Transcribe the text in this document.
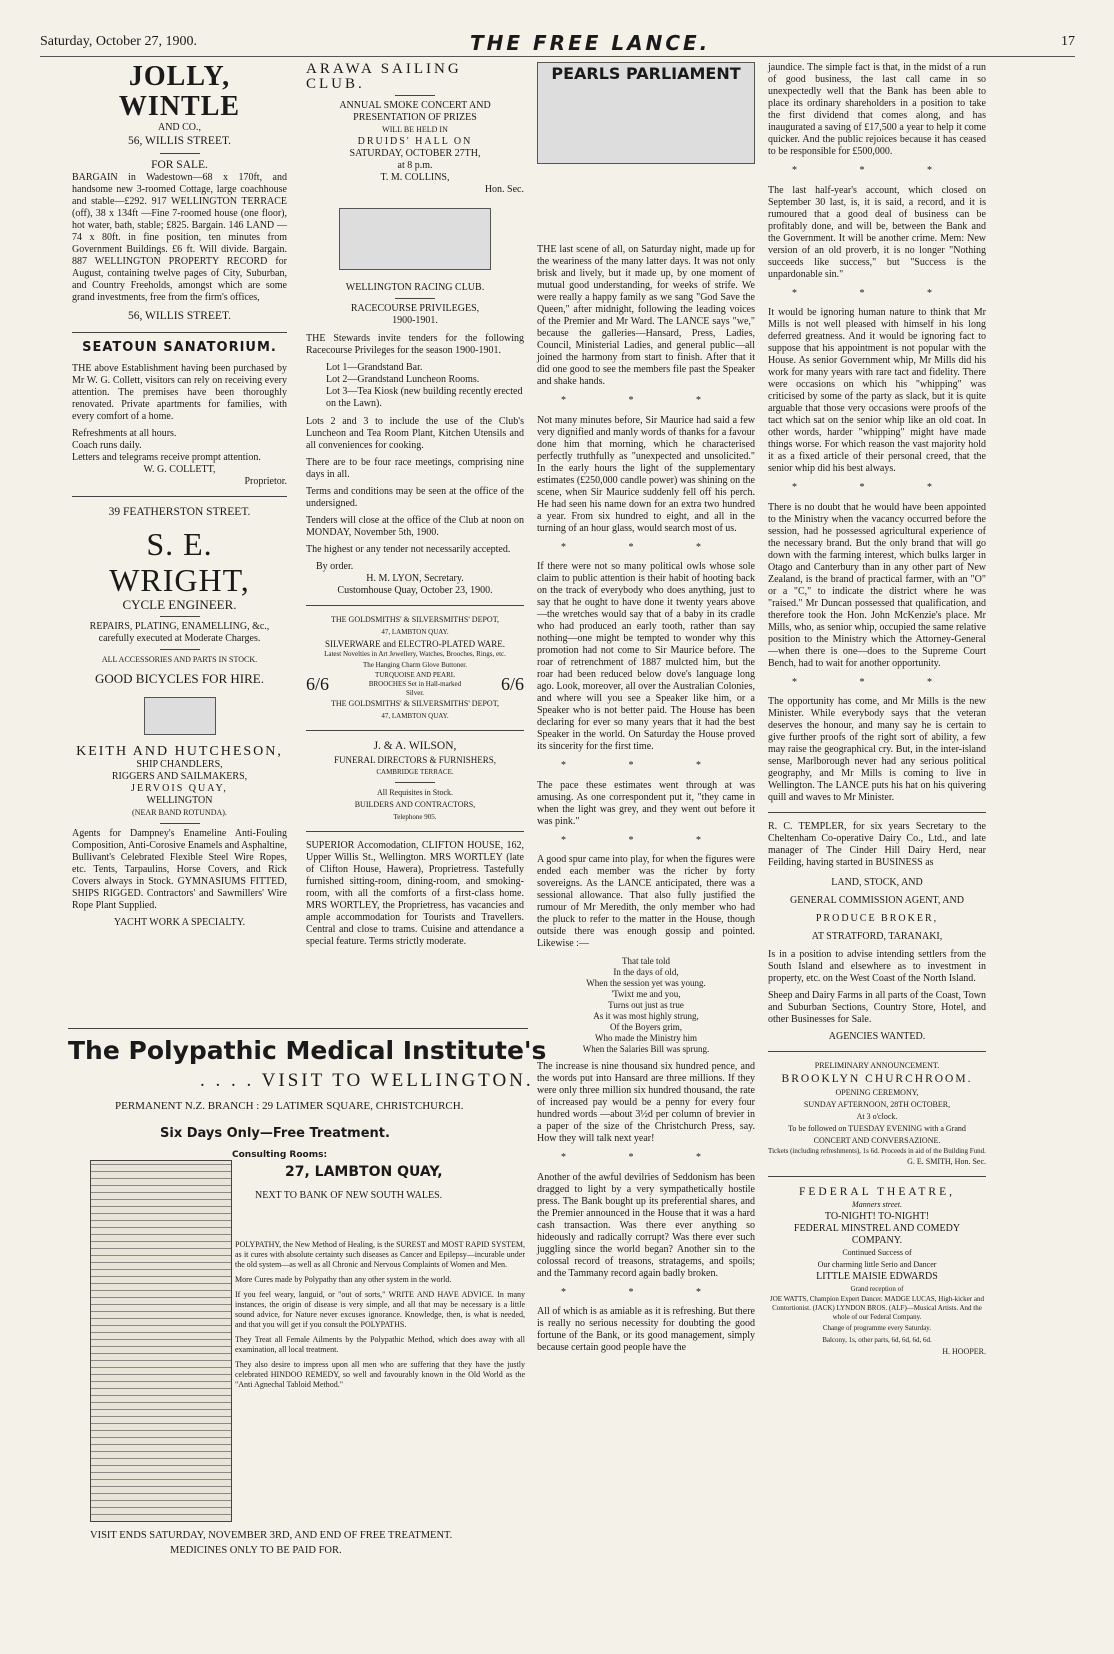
Saturday, October 27, 1900.	THE FREE LANCE.	17
JOLLY, WINTLE
AND CO.,
56, WILLIS STREET.
FOR SALE.

BARGAIN in Wadestown—68 x 170ft, and handsome new 3-roomed Cottage, large coachhouse and stable—£292. 917 WELLINGTON TERRACE (off), 38 x 134ft —Fine 7-roomed house (one floor), hot water, bath, stable; £825. Bargain. 146 LAND —74 x 80ft. in fine position, ten minutes from Government Buildings. £6 ft. Will divide. Bargain. 887 WELLINGTON PROPERTY RECORD for August, containing twelve pages of City, Suburban, and Country Freeholds, amongst which are some grand investments, free from the firm's offices,

56, WILLIS STREET.
SEATOUN SANATORIUM.

THE above Establishment having been purchased by Mr W. G. Collett, visitors can rely on receiving every attention. The premises have been thoroughly renovated. Private apartments for families, with every comfort of a home.

Refreshments at all hours.
Coach runs daily.
Letters and telegrams receive prompt attention.
W. G. COLLETT,
Proprietor.
39 FEATHERSTON STREET.
S. E. WRIGHT,
CYCLE ENGINEER.
REPAIRS, PLATING, ENAMELLING, &c., carefully executed at Moderate Charges.
ALL ACCESSORIES AND PARTS IN STOCK.
GOOD BICYCLES FOR HIRE.
KEITH AND HUTCHESON,
SHIP CHANDLERS,
RIGGERS AND SAILMAKERS,
JERVOIS QUAY,
WELLINGTON
(NEAR BAND ROTUNDA).

Agents for Dampney's Enameline Anti-Fouling Composition, Anti-Corosive Enamels and Asphaltine, Bullivant's Celebrated Flexible Steel Wire Ropes, etc. Tents, Tarpaulins, Horse Covers, and Rick Covers always in Stock. GYMNASIUMS FITTED, SHIPS RIGGED. Contractors' and Sawmillers' Wire Rope Plant Supplied.

YACHT WORK A SPECIALTY.
ARAWA SAILING CLUB.
ANNUAL SMOKE CONCERT AND PRESENTATION OF PRIZES
WILL BE HELD IN
DRUIDS' HALL ON
SATURDAY, OCTOBER 27TH,
at 8 p.m.
T. M. COLLINS,
Hon. Sec.
WELLINGTON RACING CLUB.
RACECOURSE PRIVILEGES,
1900-1901.

THE Stewards invite tenders for the following Racecourse Privileges for the season 1900-1901.

Lot 1—Grandstand Bar.
Lot 2—Grandstand Luncheon Rooms.
Lot 3—Tea Kiosk (new building recently erected on the Lawn).

Lots 2 and 3 to include the use of the Club's Luncheon and Tea Room Plant, Kitchen Utensils and all conveniences for cooking.

There are to be four race meetings, comprising nine days in all.

Terms and conditions may be seen at the office of the undersigned.

Tenders will close at the office of the Club at noon on MONDAY, November 5th, 1900.

The highest or any tender not necessarily accepted.

By order.
H. M. LYON, Secretary.
Customhouse Quay, October 23, 1900.
THE GOLDSMITHS' & SILVERSMITHS' DEPOT,
47, LAMBTON QUAY.
SILVERWARE and ELECTRO-PLATED WARE.
Latest Novelties in Art Jewellery, Watches, Brooches, Rings, etc.
The Hanging Charm Glove Buttoner.
6/6	TURQUOISE AND PEARL BROOCHES Set in Hall-marked Silver.	6/6
THE GOLDSMITHS' & SILVERSMITHS' DEPOT,
47, LAMBTON QUAY.
J. & A. WILSON,
FUNERAL DIRECTORS & FURNISHERS,
CAMBRIDGE TERRACE.
All Requisites in Stock.
BUILDERS AND CONTRACTORS,
Telephone 905.

SUPERIOR Accomodation, CLIFTON HOUSE, 162, Upper Willis St., Wellington. MRS WORTLEY (late of Clifton House, Hawera), Proprietress. Tastefully furnished sitting-room, dining-room, and smoking-room, with all the comforts of a first-class home. MRS WORTLEY, the Proprietress, has vacancies and ample accommodation for Tourists and Travellers. Central and close to trams. Cuisine and attendance a special feature. Terms strictly moderate.

PEARLS PARLIAMENT

THE last scene of all, on Saturday night, made up for the weariness of the many latter days. It was not only brisk and lively, but it made up, by one moment of mutual good understanding, for weeks of strife. We were really a happy family as we sang "God Save the Queen," after midnight, following the leading voices of the Premier and Mr Ward. The LANCE says "we," because the galleries—Hansard, Press, Ladies, Council, Ministerial Ladies, and general public—all joined the harmony from start to finish. After that it did one good to see the members file past the Speaker and shake hands.

* * *

Not many minutes before, Sir Maurice had said a few very dignified and manly words of thanks for a favour done him that morning, which he characterised perfectly truthfully as "unexpected and unsolicited." In the early hours the light of the supplementary estimates (£250,000 candle power) was shining on the scene, when Sir Maurice suddenly fell off his perch. He had seen his name down for an extra two hundred a year. From six hundred to eight, and all in the turning of an hour glass, would search most of us.

* * *

If there were not so many political owls whose sole claim to public attention is their habit of hooting back on the track of everybody who does anything, just to say that he ought to have done it twenty years above—the wretches would say that of a baby in its cradle who had produced an early tooth, rather than say nothing—one might be tempted to wonder why this promotion had not come to Sir Maurice before. The roar of retrenchment of 1887 mulcted him, but the roar had been reduced below dove's language long ago. Look, moreover, all over the Australian Colonies, and where will you see a Speaker like him, or a Speaker who is not better paid. The House has been declaring for ever so many years that it had the best Speaker in the world. On Saturday the House proved its sincerity for the first time.

* * *

The pace these estimates went through at was amusing. As one correspondent put it, "they came in when the light was grey, and they went out before it was pink."

* * *

A good spur came into play, for when the figures were ended each member was the richer by forty sovereigns. As the LANCE anticipated, there was a sessional allowance. That also fully justified the rumour of Mr Meredith, the only member who had the pluck to refer to the matter in the House, though outside there was enough gossip and pointed. Likewise :—

That tale told
In the days of old,
When the session yet was young.
'Twixt me and you,
Turns out just as true
As it was most highly strung,
Of the Boyers grim,
Who made the Ministry him
When the Salaries Bill was sprung.

The increase is nine thousand six hundred pence, and the words put into Hansard are three millions. If they were only three million six hundred thousand, the rate of increased pay would be a penny for every four hundred words —about 3½d per column of brevier in a paper of the size of the Christchurch Press, say. How they will talk next year!

* * *

Another of the awful devilries of Seddonism has been dragged to light by a very sympathetically hostile press. The Bank bought up its preferential shares, and the Premier announced in the House that it was a hard cash transaction. Was there ever anything so hideously and radically corrupt? Was there ever such juggling since the world began? Another sin to the colossal record of treasons, stratagems, and spoils; and the Tammany record again badly broken.

* * *

All of which is as amiable as it is refreshing. But there is really no serious necessity for doubting the good fortune of the Bank, or its good management, simply because certain good people have the

jaundice. The simple fact is that, in the midst of a run of good business, the last call came in so unexpectedly well that the Bank has been able to place its ordinary shareholders in a position to take the first dividend that comes along, and has inaugurated a saving of £17,500 a year to help it come quicker. And the public rejoices because it has ceased to be responsible for £500,000.

* * *

The last half-year's account, which closed on September 30 last, is, it is said, a record, and it is rumoured that a good deal of business can be profitably done, and will be, between the Bank and the Government. It will be another crime. Mem: New version of an old proverb, it is no longer "Nothing succeeds like success," but "Success is the unpardonable sin."

* * *

It would be ignoring human nature to think that Mr Mills is not well pleased with himself in his long deferred greatness. And it would be ignoring fact to suppose that his appointment is not popular with the House. As senior Government whip, Mr Mills did his work for many years with rare tact and fidelity. There were occasions on which his "whipping" was criticised by some of the party as slack, but it is quite arguable that those very occasions were proofs of the tact which sat on the senior whip like an old coat. In other words, harder "whipping" might have made things worse. For which reason the vast majority hold it as a fixed article of their personal creed, that the senior whip did his best always.

* * *

There is no doubt that he would have been appointed to the Ministry when the vacancy occurred before the session, had he possessed agricultural experience of the necessary brand. But the only brand that will go down with the farming interest, which bulks larger in Otago and Canterbury than in any other part of New Zealand, is the brand of practical farmer, with an "O" or a "C," to indicate the district where he was "raised." Mr Duncan possessed that qualification, and therefore took the Hon. John McKenzie's place. Mr Mills, who, as senior whip, occupied the same relative position to the Ministry which the Attorney-General—when there is one—does to the Supreme Court Bench, had to wait for another opportunity.

* * *

The opportunity has come, and Mr Mills is the new Minister. While everybody says that the veteran deserves the honour, and many say he is certain to give further proofs of the right sort of ability, a few may raise the geographical cry. But, in the inter-island sense, Marlborough never had any serious political geography, and Mr Mills is coming to live in Wellington. The LANCE puts his hat on his quivering quill and waves to Mr Minister.

R. C. TEMPLER, for six years Secretary to the Cheltenham Co-operative Dairy Co., Ltd., and late manager of The Cinder Hill Dairy Herd, near Feilding, having started in BUSINESS as

LAND, STOCK, AND
GENERAL COMMISSION AGENT, AND
PRODUCE BROKER,
AT STRATFORD, TARANAKI,

Is in a position to advise intending settlers from the South Island and elsewhere as to investment in property, etc. on the West Coast of the North Island.

Sheep and Dairy Farms in all parts of the Coast, Town and Suburban Sections, Country Store, Hotel, and other Businesses for Sale.

AGENCIES WANTED.
PRELIMINARY ANNOUNCEMENT.
BROOKLYN CHURCHROOM.
OPENING CEREMONY,
SUNDAY AFTERNOON, 28TH OCTOBER,
At 3 o'clock.
To be followed on TUESDAY EVENING with a Grand
CONCERT AND CONVERSAZIONE.
Tickets (including refreshments), 1s 6d. Proceeds in aid of the Building Fund.
G. E. SMITH, Hon. Sec.
FEDERAL THEATRE,
Manners street.
TO-NIGHT! TO-NIGHT!
FEDERAL MINSTREL AND COMEDY COMPANY.
Continued Success of
Our charming little Serio and Dancer
LITTLE MAISIE EDWARDS
Grand reception of
JOE WATTS, Champion Expert Dancer. MADGE LUCAS, High-kicker and Contortionist. (JACK) LYNDON BROS. (ALF)—Musical Artists. And the whole of our Federal Company.
Change of programme every Saturday.
Balcony, 1s, other parts, 6d, 6d, 6d, 6d.
H. HOOPER.
The Polypathic Medical Institute's
. . . . VISIT TO WELLINGTON.
PERMANENT N.Z. BRANCH : 29 LATIMER SQUARE, CHRISTCHURCH.
Six Days Only—Free Treatment.
Consulting Rooms:
27, LAMBTON QUAY,
NEXT TO BANK OF NEW SOUTH WALES.

POLYPATHY, the New Method of Healing, is the SUREST and MOST RAPID SYSTEM, as it cures with absolute certainty such diseases as Cancer and Epilepsy—incurable under the old system—as well as all Chronic and Nervous Complaints of Women and Men.

More Cures made by Polypathy than any other system in the world.

If you feel weary, languid, or "out of sorts," WRITE AND HAVE ADVICE. In many instances, the origin of disease is very simple, and all that may be necessary is a little sound advice, for Nature never excuses ignorance. Knowledge, then, is what is needed, and that you will get if you consult the POLYPATHS.

They Treat all Female Ailments by the Polypathic Method, which does away with all examination, all local treatment.

They also desire to impress upon all men who are suffering that they have the justly celebrated HINDOO REMEDY, so well and favourably known in the Old World as the "Anti Agnechal Tabloid Method."

VISIT ENDS SATURDAY, NOVEMBER 3RD, AND END OF FREE TREATMENT.
MEDICINES ONLY TO BE PAID FOR.
